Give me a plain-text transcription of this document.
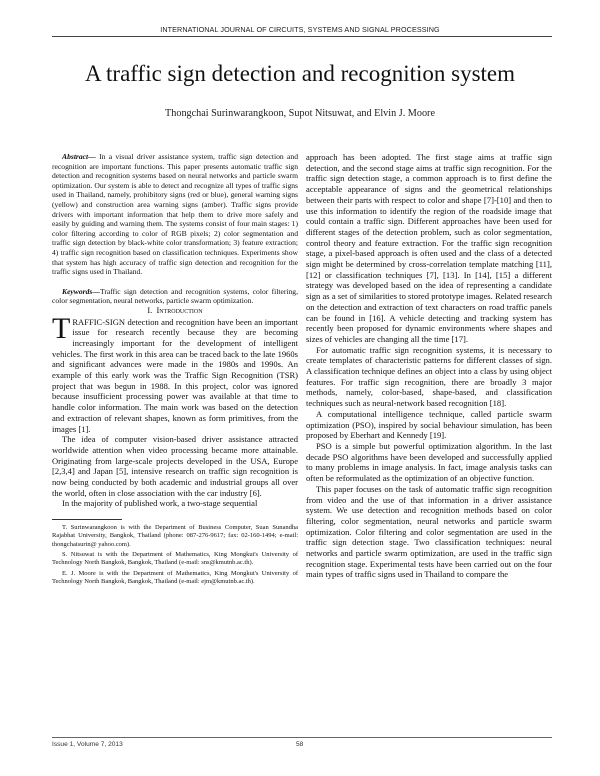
INTERNATIONAL JOURNAL OF CIRCUITS, SYSTEMS AND SIGNAL PROCESSING
A traffic sign detection and recognition system
Thongchai Surinwarangkoon, Supot Nitsuwat, and Elvin J. Moore

Abstract— In a visual driver assistance system, traffic sign detection and recognition are important functions. This paper presents automatic traffic sign detection and recognition systems based on neural networks and particle swarm optimization. Our system is able to detect and recognize all types of traffic signs used in Thailand, namely, prohibitory signs (red or blue), general warning signs (yellow) and construction area warning signs (amber). Traffic signs provide drivers with important information that help them to drive more safely and easily by guiding and warning them. The systems consist of four main stages: 1) color filtering according to color of RGB pixels; 2) color segmentation and traffic sign detection by black-white color transformation; 3) feature extraction; 4) traffic sign recognition based on classification techniques. Experiments show that system has high accuracy of traffic sign detection and recognition for the traffic signs used in Thailand.

Keywords—Traffic sign detection and recognition systems, color filtering, color segmentation, neural networks, particle swarm optimization.

I. Introduction

TRAFFIC-SIGN detection and recognition have been an important issue for research recently because they are becoming increasingly important for the development of intelligent vehicles. The first work in this area can be traced back to the late 1960s and significant advances were made in the 1980s and 1990s. An example of this early work was the Traffic Sign Recognition (TSR) project that was begun in 1988. In this project, color was ignored because insufficient processing power was available at that time to handle color information. The main work was based on the detection and extraction of relevant shapes, known as form primitives, from the images [1].

The idea of computer vision-based driver assistance attracted worldwide attention when video processing became more attainable. Originating from large-scale projects developed in the USA, Europe [2,3,4] and Japan [5], intensive research on traffic sign recognition is now being conducted by both academic and industrial groups all over the world, often in close association with the car industry [6].

In the majority of published work, a two-stage sequential

T. Surinwarangkoon is with the Department of Business Computer, Suan Sunandha Rajabhat University, Bangkok, Thailand (phone: 087-276-9617; fax: 02-160-1494; e-mail: thongchaisurin@ yahoo.com).

S. Nitsuwat is with the Department of Mathematics, King Mongkut's University of Technology North Bangkok, Bangkok, Thailand (e-mail: sns@kmutnb.ac.th).

E. J. Moore is with the Department of Mathematics, King Mongkut's University of Technology North Bangkok, Bangkok, Thailand (e-mail: ejm@kmutnb.ac.th).

approach has been adopted. The first stage aims at traffic sign detection, and the second stage aims at traffic sign recognition. For the traffic sign detection stage, a common approach is to first define the acceptable appearance of signs and the geometrical relationships between their parts with respect to color and shape [7]-[10] and then to use this information to identify the region of the roadside image that could contain a traffic sign. Different approaches have been used for different stages of the detection problem, such as color segmentation, control theory and feature extraction. For the traffic sign recognition stage, a pixel-based approach is often used and the class of a detected sign might be determined by cross-correlation template matching [11], [12] or classification techniques [7], [13]. In [14], [15] a different strategy was developed based on the idea of representing a candidate sign as a set of similarities to stored prototype images. Related research on the detection and extraction of text characters on road traffic panels can be found in [16]. A vehicle detecting and tracking system has recently been proposed for dynamic environments where shapes and sizes of vehicles are changing all the time [17].

For automatic traffic sign recognition systems, it is necessary to create templates of characteristic patterns for different classes of sign. A classification technique defines an object into a class by using object features. For traffic sign recognition, there are broadly 3 major methods, namely, color-based, shape-based, and classification techniques such as neural-network based recognition [18].

A computational intelligence technique, called particle swarm optimization (PSO), inspired by social behaviour simulation, has been proposed by Eberhart and Kennedy [19].

PSO is a simple but powerful optimization algorithm. In the last decade PSO algorithms have been developed and successfully applied to many problems in image analysis. In fact, image analysis tasks can often be reformulated as the optimization of an objective function.

This paper focuses on the task of automatic traffic sign recognition from video and the use of that information in a driver assistance system. We use detection and recognition methods based on color filtering, color segmentation, neural networks and particle swarm optimization. Color filtering and color segmentation are used in the traffic sign detection stage. Two classification techniques: neural networks and particle swarm optimization, are used in the traffic sign recognition stage. Experimental tests have been carried out on the four main types of traffic signs used in Thailand to compare the

Issue 1, Volume 7, 2013	58
